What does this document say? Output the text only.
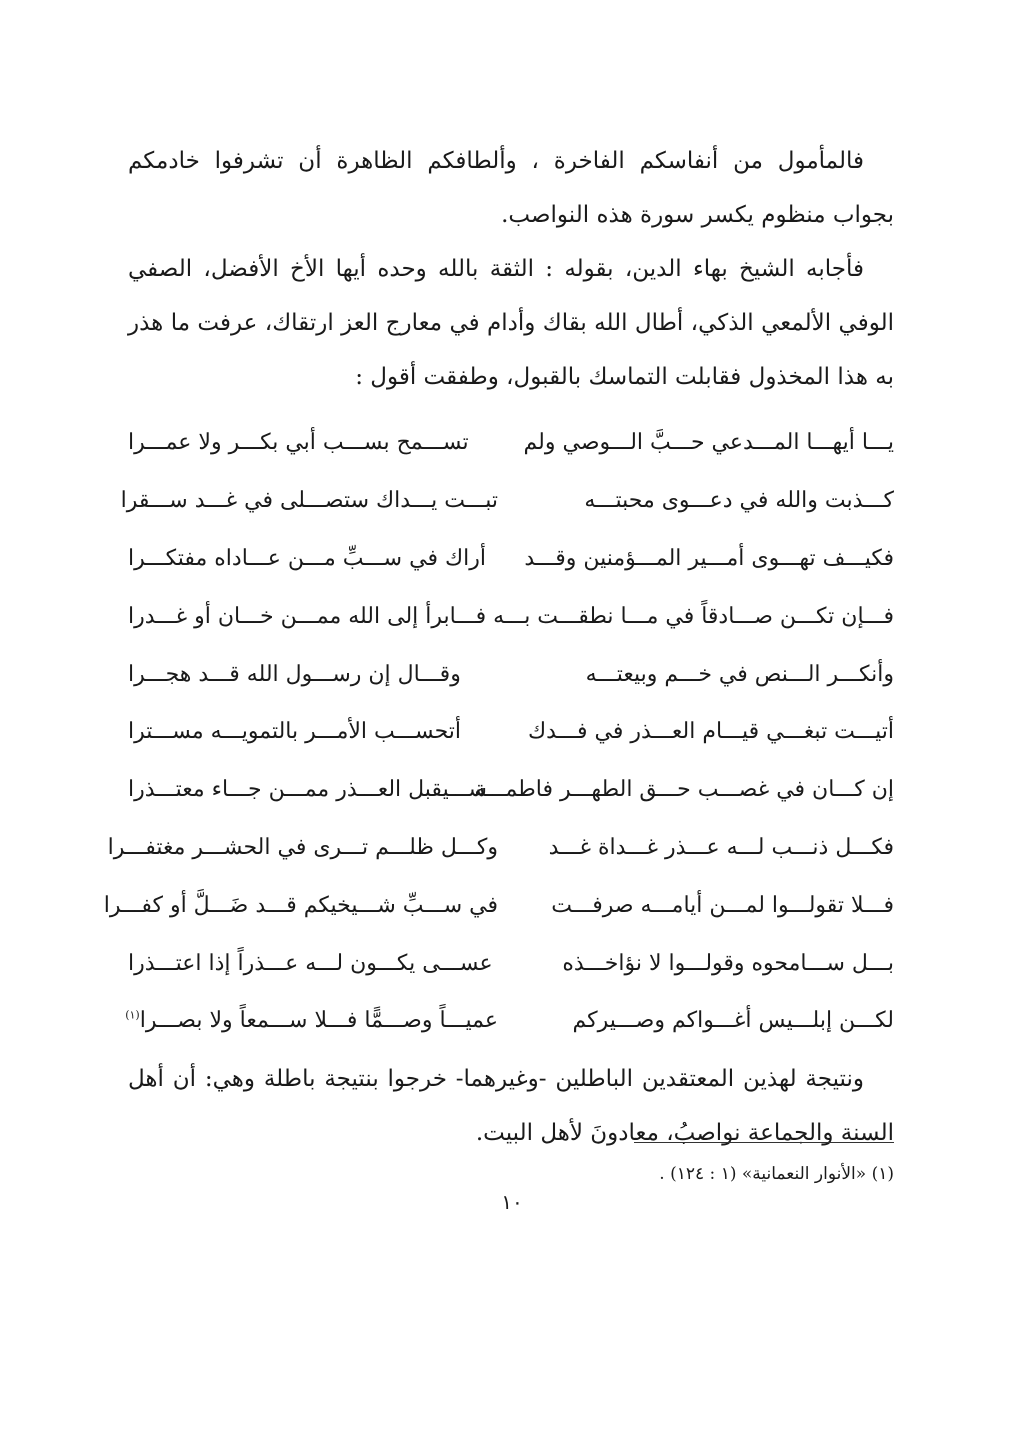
فالمأمول من أنفاسكم الفاخرة ، وألطافكم الظاهرة أن تشرفوا خادمكم بجواب منظوم يكسر سورة هذه النواصب.

فأجابه الشيخ بهاء الدين، بقوله : الثقة بالله وحده أيها الأخ الأفضل، الصفي الوفي الألمعي الذكي، أطال الله بقاك وأدام في معارج العز ارتقاك، عرفت ما هذر به هذا المخذول فقابلت التماسك بالقبول، وطفقت أقول :

يـــا أيهـــا المـــدعي حـــبَّ الـــوصي ولم
تســـمح بســـب أبي بكـــر ولا عمـــرا
كـــذبت والله في دعـــوى محبتـــه
تبـــت يـــداك ستصـــلى في غـــد ســـقرا
فكيـــف تهـــوى أمـــير المـــؤمنين وقـــد
أراك في ســـبِّ مـــن عـــاداه مفتكـــرا
فـــإن تكـــن صـــادقاً في مـــا نطقـــت بـــه
فـــابرأ إلى الله ممـــن خـــان أو غـــدرا
وأنكـــر الـــنص في خـــم وبيعتـــه
وقـــال إن رســـول الله قـــد هجـــرا
أتيـــت تبغـــي قيـــام العـــذر في فـــدك
أتحســـب الأمـــر بالتمويـــه مســـترا
إن كـــان في غصـــب حـــق الطهـــر فاطمـــة
ســـيقبل العـــذر ممـــن جـــاء معتـــذرا
فكـــل ذنـــب لـــه عـــذر غـــداة غـــد
وكـــل ظلـــم تـــرى في الحشـــر مغتفـــرا
فـــلا تقولـــوا لمـــن أيامـــه صرفـــت
في ســـبِّ شـــيخيكم قـــد ضَـــلَّ أو كفـــرا
بـــل ســـامحوه وقولـــوا لا نؤاخـــذه
عســـى يكـــون لـــه عـــذراً إذا اعتـــذرا
لكـــن إبلـــيس أغـــواكم وصـــيركم
عميـــاً وصـــمًّا فـــلا ســـمعاً ولا بصـــرا$^{(١)}$

ونتيجة لهذين المعتقدين الباطلين -وغيرهما- خرجوا بنتيجة باطلة وهي: أن أهل السنة والجماعة نواصبُ، معادونَ لأهل البيت.

(١) «الأنوار النعمانية» (١ : ١٢٤) .
١٠
